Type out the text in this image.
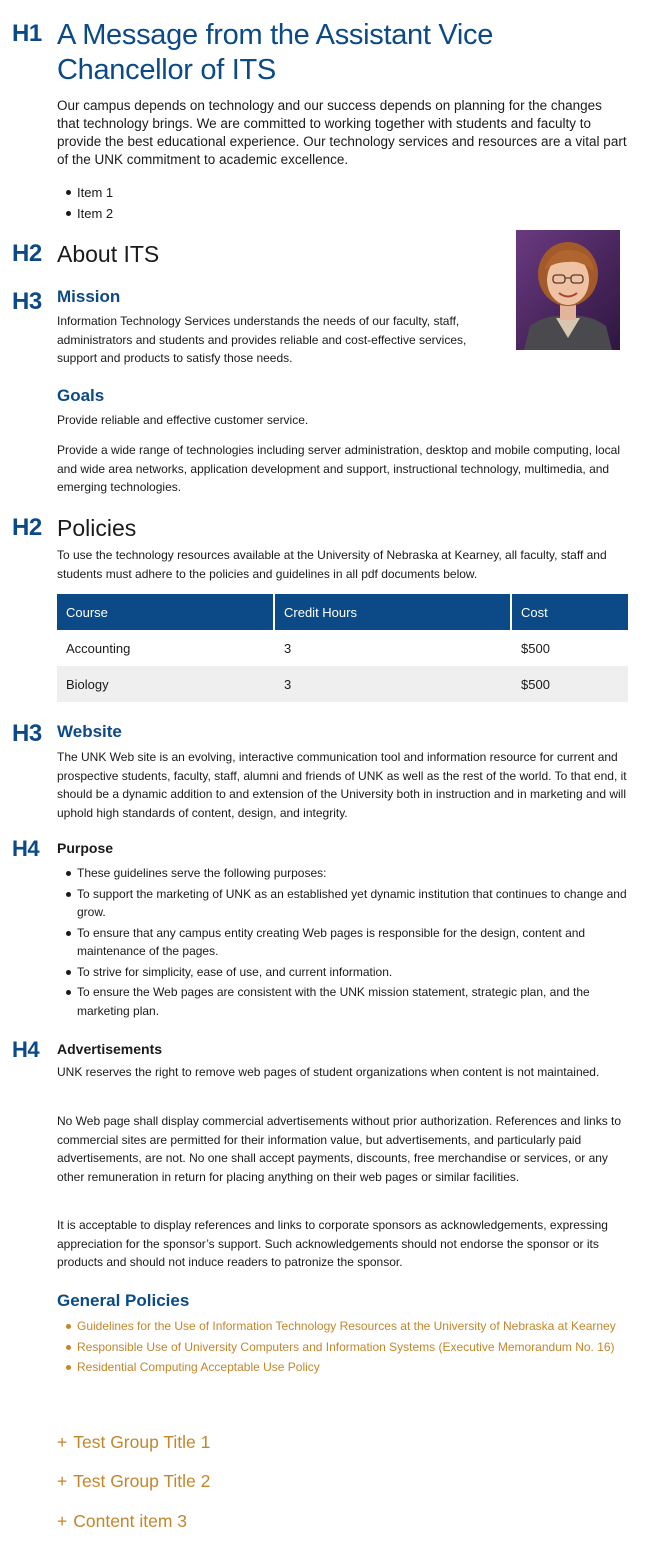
H1
H2
H3
H2
H3
H4
H4
A Message from the Assistant Vice Chancellor of ITS

Our campus depends on technology and our success depends on planning for the changes that technology brings. We are committed to working together with students and faculty to provide the best educational experience. Our technology services and resources are a vital part of the UNK commitment to academic excellence.

Item 1
Item 2
About ITS
Mission

Information Technology Services understands the needs of our faculty, staff, administrators and students and provides reliable and cost-effective services, support and products to satisfy those needs.

Goals

Provide reliable and effective customer service.

Provide a wide range of technologies including server administration, desktop and mobile computing, local and wide area networks, application development and support, instructional technology, multimedia, and emerging technologies.

Policies

To use the technology resources available at the University of Nebraska at Kearney, all faculty, staff and students must adhere to the policies and guidelines in all pdf documents below.

Course	Credit Hours	Cost
Accounting	3	$500
Biology	3	$500
Website

The UNK Web site is an evolving, interactive communication tool and information resource for current and prospective students, faculty, staff, alumni and friends of UNK as well as the rest of the world. To that end, it should be a dynamic addition to and extension of the University both in instruction and in marketing and will uphold high standards of content, design, and integrity.

Purpose
These guidelines serve the following purposes:
To support the marketing of UNK as an established yet dynamic institution that continues to change and grow.
To ensure that any campus entity creating Web pages is responsible for the design, content and maintenance of the pages.
To strive for simplicity, ease of use, and current information.
To ensure the Web pages are consistent with the UNK mission statement, strategic plan, and the marketing plan.
Advertisements

UNK reserves the right to remove web pages of student organizations when content is not maintained.

No Web page shall display commercial advertisements without prior authorization. References and links to commercial sites are permitted for their information value, but advertisements, and particularly paid advertisements, are not. No one shall accept payments, discounts, free merchandise or services, or any other remuneration in return for placing anything on their web pages or similar facilities.

It is acceptable to display references and links to corporate sponsors as acknowledgements, expressing appreciation for the sponsor’s support. Such acknowledgements should not endorse the sponsor or its products and should not induce readers to patronize the sponsor.

General Policies
Guidelines for the Use of Information Technology Resources at the University of Nebraska at Kearney
Responsible Use of University Computers and Information Systems (Executive Memorandum No. 16)
Residential Computing Acceptable Use Policy
+ Test Group Title 1
+ Test Group Title 2
+ Content item 3
